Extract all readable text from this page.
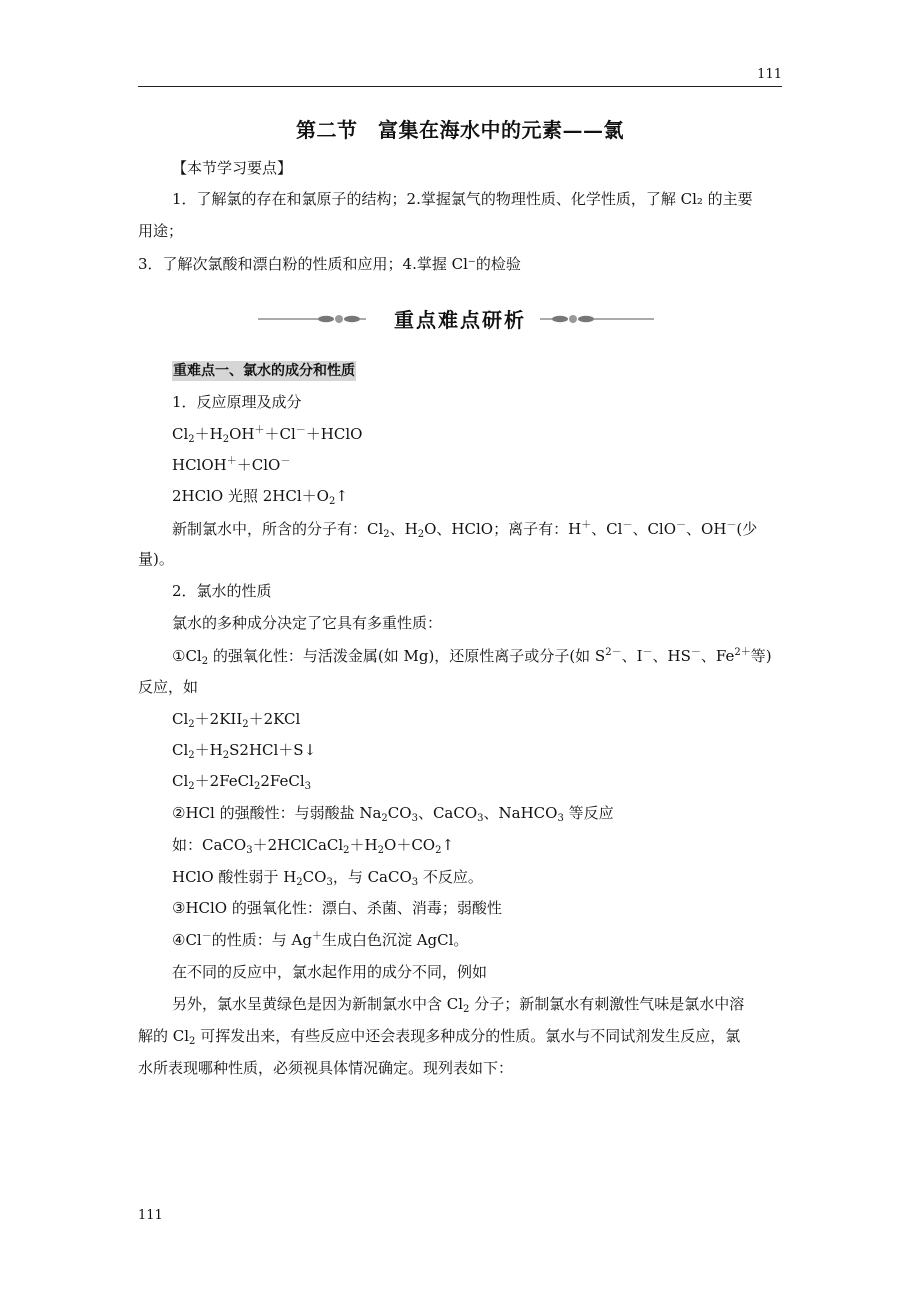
111
第二节　富集在海水中的元素——氯
【本节学习要点】
1．了解氯的存在和氯原子的结构；2.掌握氯气的物理性质、化学性质，了解 Cl₂ 的主要
用途；
3．了解次氯酸和漂白粉的性质和应用；4.掌握 Cl⁻的检验
重点难点研析
重难点一、氯水的成分和性质
1．反应原理及成分
$Cl_2+H_2OH^++Cl^-+HClO$
HClOH＋＋ClO－
2HClO 光照 $2HCl+O_2↑$
新制氯水中，所含的分子有：$Cl_2$、$H_2O$、HClO；离子有：H＋、Cl－、ClO－、OH－(少
量)。
2．氯水的性质
氯水的多种成分决定了它具有多重性质：
$①Cl_2$ 的强氧化性：与活泼金属(如 Mg)，还原性离子或分子(如 $S^{2-}$、I－、HS－、$Fe^{2+}$等)
反应，如
$Cl_2+2KII_2+2KCl$
$Cl_2+H_2S2HCl+S↓$
$Cl_2+2FeCl_22FeCl_3$
②HCl 的强酸性：与弱酸盐 $Na_2CO_3$、CaCO$_3$、NaHCO$_3$ 等反应
如：$CaCO_3+2HClCaCl_2+H_2O+CO_2↑$
HClO 酸性弱于 $H_2CO_3$，与 CaCO$_3$ 不反应。
③HClO 的强氧化性：漂白、杀菌、消毒；弱酸性
④Cl－的性质：与 Ag＋生成白色沉淀 AgCl。
在不同的反应中，氯水起作用的成分不同，例如
另外，氯水呈黄绿色是因为新制氯水中含 $Cl_2$ 分子；新制氯水有刺激性气味是氯水中溶
解的 $Cl_2$ 可挥发出来，有些反应中还会表现多种成分的性质。氯水与不同试剂发生反应，氯
水所表现哪种性质，必须视具体情况确定。现列表如下：
111
